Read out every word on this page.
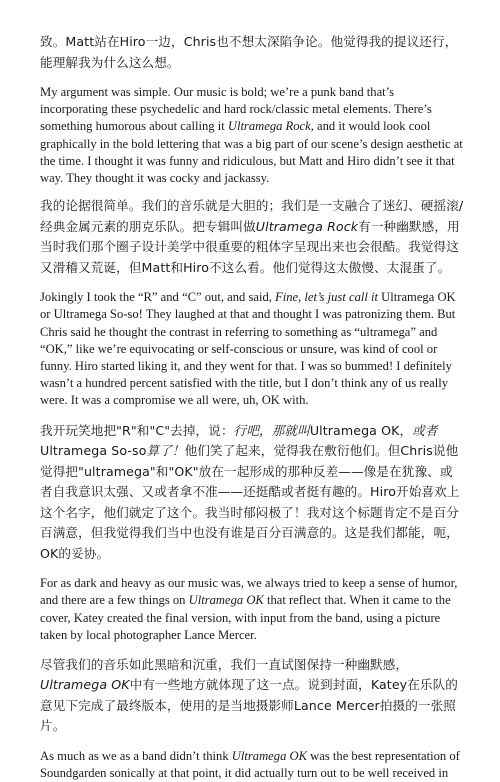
致。Matt站在Hiro一边，Chris也不想太深陷争论。他觉得我的提议还行，能理解我为什么这么想。

My argument was simple. Our music is bold; we’re a punk band that’s incorporating these psychedelic and hard rock/classic metal elements. There’s something humorous about calling it Ultramega Rock, and it would look cool graphically in the bold lettering that was a big part of our scene’s design aesthetic at the time. I thought it was funny and ridiculous, but Matt and Hiro didn’t see it that way. They thought it was cocky and jackassy.

我的论据很简单。我们的音乐就是大胆的；我们是一支融合了迷幻、硬摇滚/经典金属元素的朋克乐队。把专辑叫做Ultramega Rock有一种幽默感，用当时我们那个圈子设计美学中很重要的粗体字呈现出来也会很酷。我觉得这又滑稽又荒诞，但Matt和Hiro不这么看。他们觉得这太傲慢、太混蛋了。

Jokingly I took the “R” and “C” out, and said, Fine, let’s just call it Ultramega OK or Ultramega So-so! They laughed at that and thought I was patronizing them. But Chris said he thought the contrast in referring to something as “ultramega” and “OK,” like we’re equivocating or self-conscious or unsure, was kind of cool or funny. Hiro started liking it, and they went for that. I was so bummed! I definitely wasn’t a hundred percent satisfied with the title, but I don’t think any of us really were. It was a compromise we all were, uh, OK with.

我开玩笑地把"R"和"C"去掉，说：行吧，那就叫Ultramega OK，或者Ultramega So-so算了！他们笑了起来，觉得我在敷衍他们。但Chris说他觉得把"ultramega"和"OK"放在一起形成的那种反差——像是在犹豫、或者自我意识太强、又或者拿不准——还挺酷或者挺有趣的。Hiro开始喜欢上这个名字，他们就定了这个。我当时郁闷极了！我对这个标题肯定不是百分百满意，但我觉得我们当中也没有谁是百分百满意的。这是我们都能，呃，OK的妥协。

For as dark and heavy as our music was, we always tried to keep a sense of humor, and there are a few things on Ultramega OK that reflect that. When it came to the cover, Katey created the final version, with input from the band, using a picture taken by local photographer Lance Mercer.

尽管我们的音乐如此黑暗和沉重，我们一直试图保持一种幽默感，Ultramega OK中有一些地方就体现了这一点。说到封面，Katey在乐队的意见下完成了最终版本，使用的是当地摄影师Lance Mercer拍摄的一张照片。

As much as we as a band didn’t think Ultramega OK was the best representation of Soundgarden sonically at that point, it did actually turn out to be well received in
